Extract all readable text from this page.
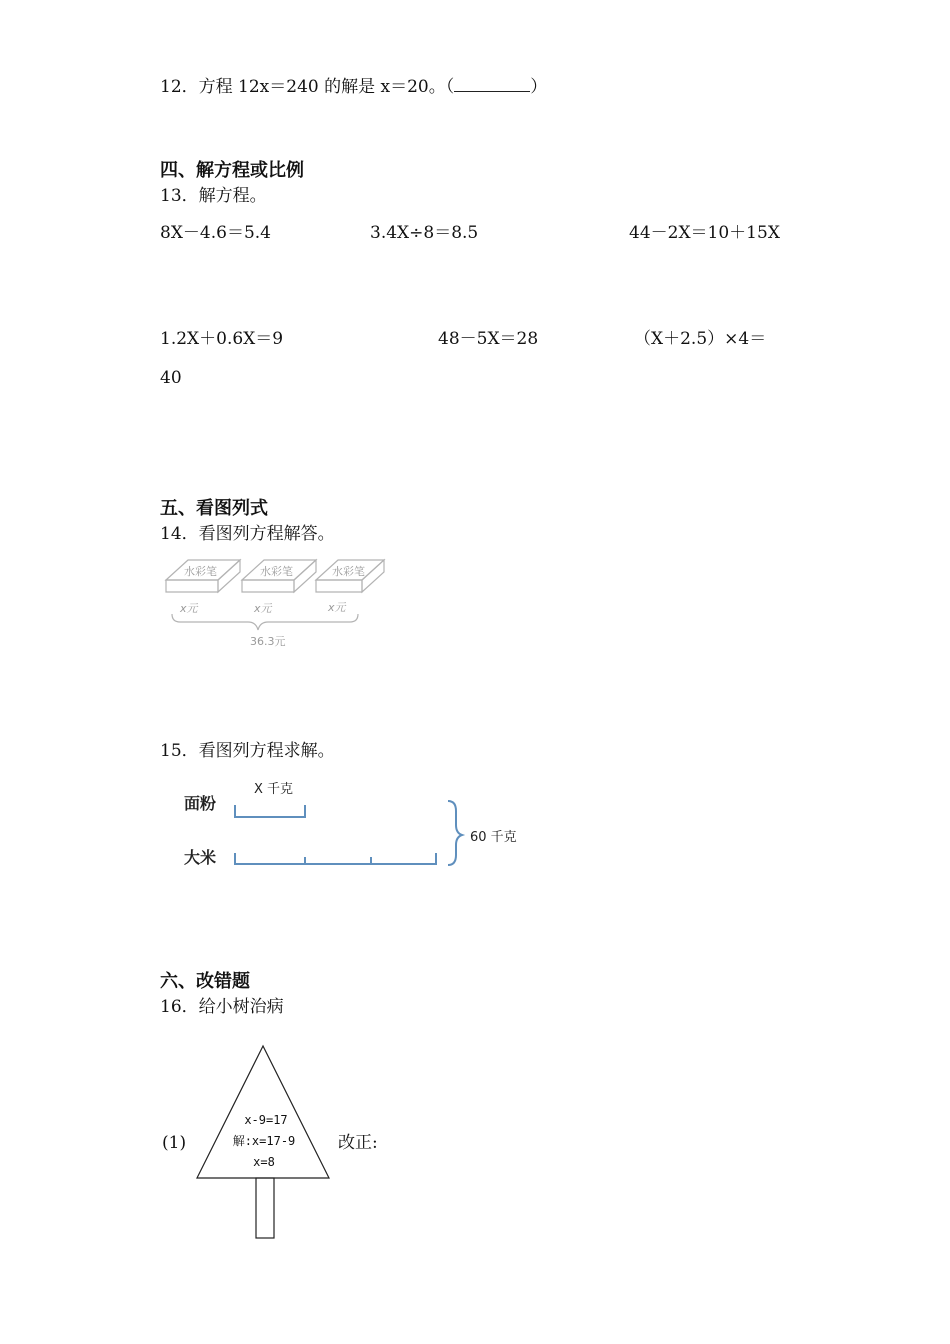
12．方程 12x＝240 的解是 x＝20。（	）
四、解方程或比例
13．解方程。
8X－4.6＝5.4	3.4X÷8＝8.5	44－2X＝10＋15X
1.2X＋0.6X＝9	48－5X＝28	（X＋2.5）×4＝
40
五、看图列式
14．看图列方程解答。
水彩笔	水彩笔	水彩笔
x元	x元	x元
36.3元
15．看图列方程求解。
面粉
大米
X 千克
60 千克
六、改错题
16．给小树治病
(1)
x-9=17
解:x=17-9
x=8
改正:
